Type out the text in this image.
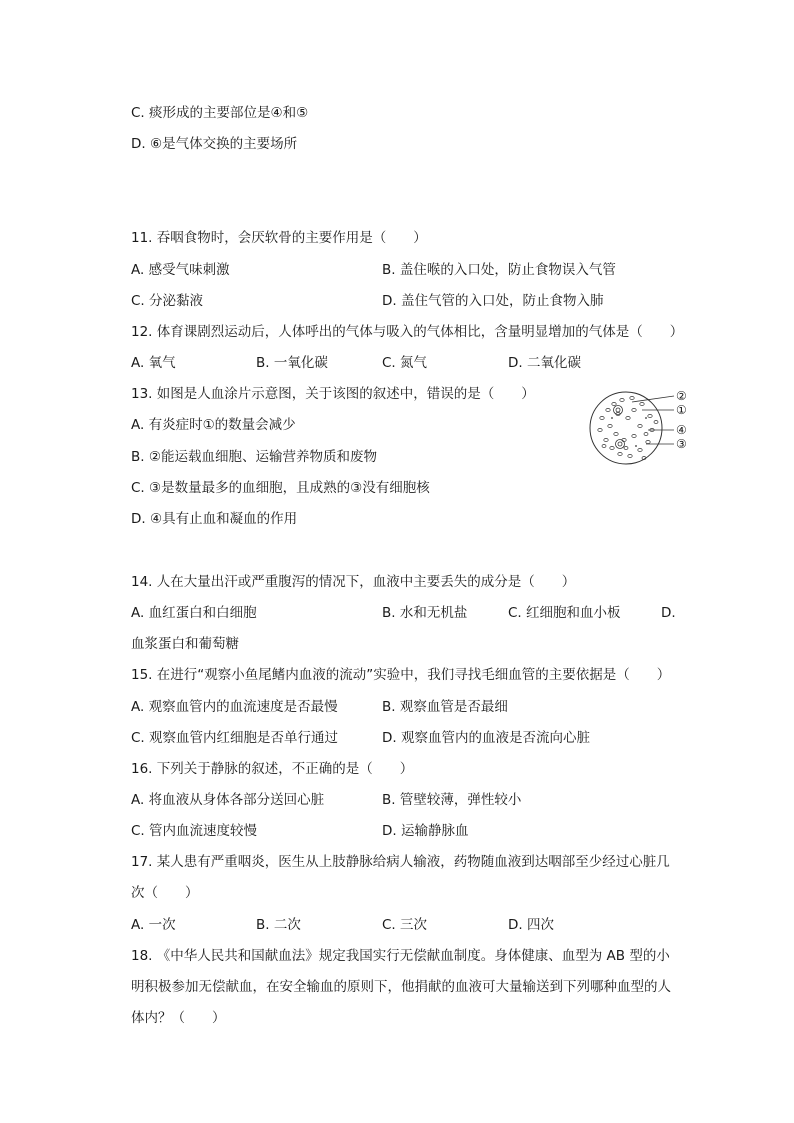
C. 痰形成的主要部位是④和⑤
D. ⑥是气体交换的主要场所
11. 吞咽食物时，会厌软骨的主要作用是（　　）
A. 感受气味刺激	B. 盖住喉的入口处，防止食物误入气管
C. 分泌黏液	D. 盖住气管的入口处，防止食物入肺
12. 体育课剧烈运动后，人体呼出的气体与吸入的气体相比，含量明显增加的气体是（　　）
A. 氧气	B. 一氧化碳	C. 氮气	D. 二氧化碳
13. 如图是人血涂片示意图，关于该图的叙述中，错误的是（　　）
A. 有炎症时①的数量会减少
B. ②能运载血细胞、运输营养物质和废物
C. ③是数量最多的血细胞，且成熟的③没有细胞核
D. ④具有止血和凝血的作用
②
①
④
③
14. 人在大量出汗或严重腹泻的情况下，血液中主要丢失的成分是（　　）
A. 血红蛋白和白细胞	B. 水和无机盐	C. 红细胞和血小板	D.
血浆蛋白和葡萄糖
15. 在进行“观察小鱼尾鳍内血液的流动”实验中，我们寻找毛细血管的主要依据是（　　）
A. 观察血管内的血流速度是否最慢	B. 观察血管是否最细
C. 观察血管内红细胞是否单行通过	D. 观察血管内的血液是否流向心脏
16. 下列关于静脉的叙述，不正确的是（　　）
A. 将血液从身体各部分送回心脏	B. 管壁较薄，弹性较小
C. 管内血流速度较慢	D. 运输静脉血
17. 某人患有严重咽炎，医生从上肢静脉给病人输液，药物随血液到达咽部至少经过心脏几
次（　　）
A. 一次	B. 二次	C. 三次	D. 四次
18. 《中华人民共和国献血法》规定我国实行无偿献血制度。身体健康、血型为 AB 型的小
明积极参加无偿献血，在安全输血的原则下，他捐献的血液可大量输送到下列哪种血型的人
体内？（　　）
